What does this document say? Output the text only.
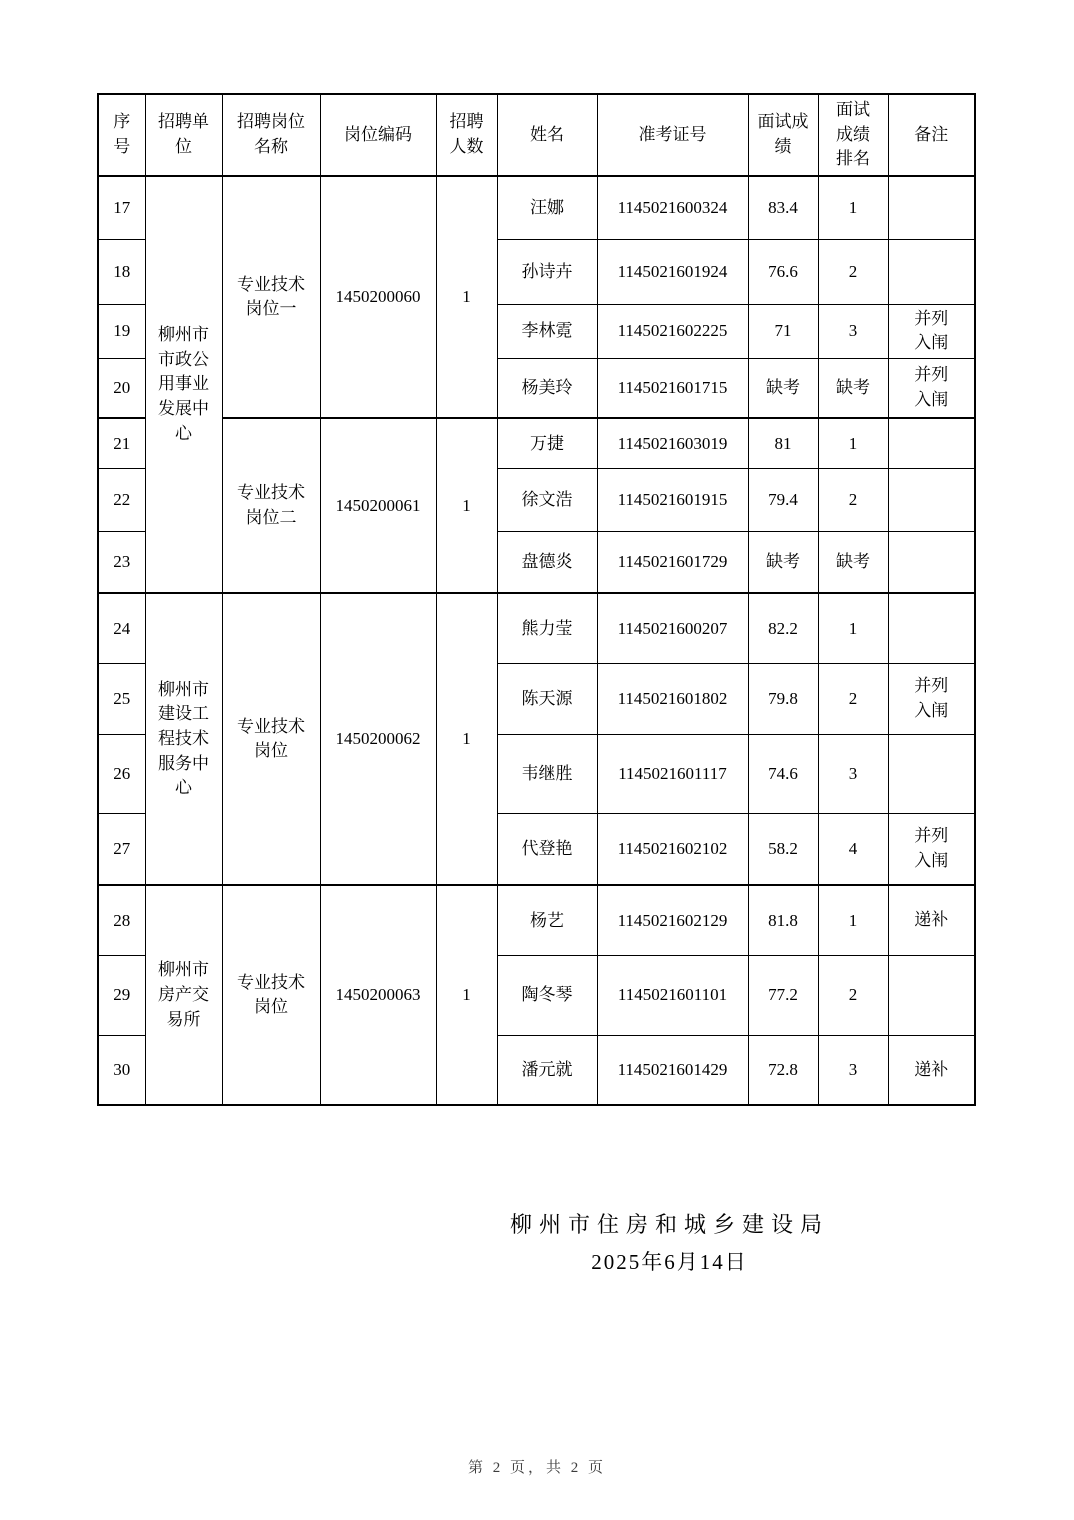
序号	招聘单位	招聘岗位名称	岗位编码	招聘人数	姓名	准考证号	面试成绩	面试成绩排名	备注
17	柳州市市政公用事业发展中心	专业技术岗位一	1450200060	1	汪娜	1145021600324	83.4	1	
18					孙诗卉	1145021601924	76.6	2	
19					李林霓	1145021602225	71	3	并列入闱
20					杨美玲	1145021601715	缺考	缺考	并列入闱
21		专业技术岗位二	1450200061	1	万捷	1145021603019	81	1	
22					徐文浩	1145021601915	79.4	2	
23					盘德炎	1145021601729	缺考	缺考	
24	柳州市建设工程技术服务中心	专业技术岗位	1450200062	1	熊力莹	1145021600207	82.2	1	
25					陈天源	1145021601802	79.8	2	并列入闱
26					韦继胜	1145021601117	74.6	3	
27					代登艳	1145021602102	58.2	4	并列入闱
28	柳州市房产交易所	专业技术岗位	1450200063	1	杨艺	1145021602129	81.8	1	递补
29					陶冬琴	1145021601101	77.2	2	
30					潘元就	1145021601429	72.8	3	递补
柳州市住房和城乡建设局
2025年6月14日
第 2 页，共 2 页
